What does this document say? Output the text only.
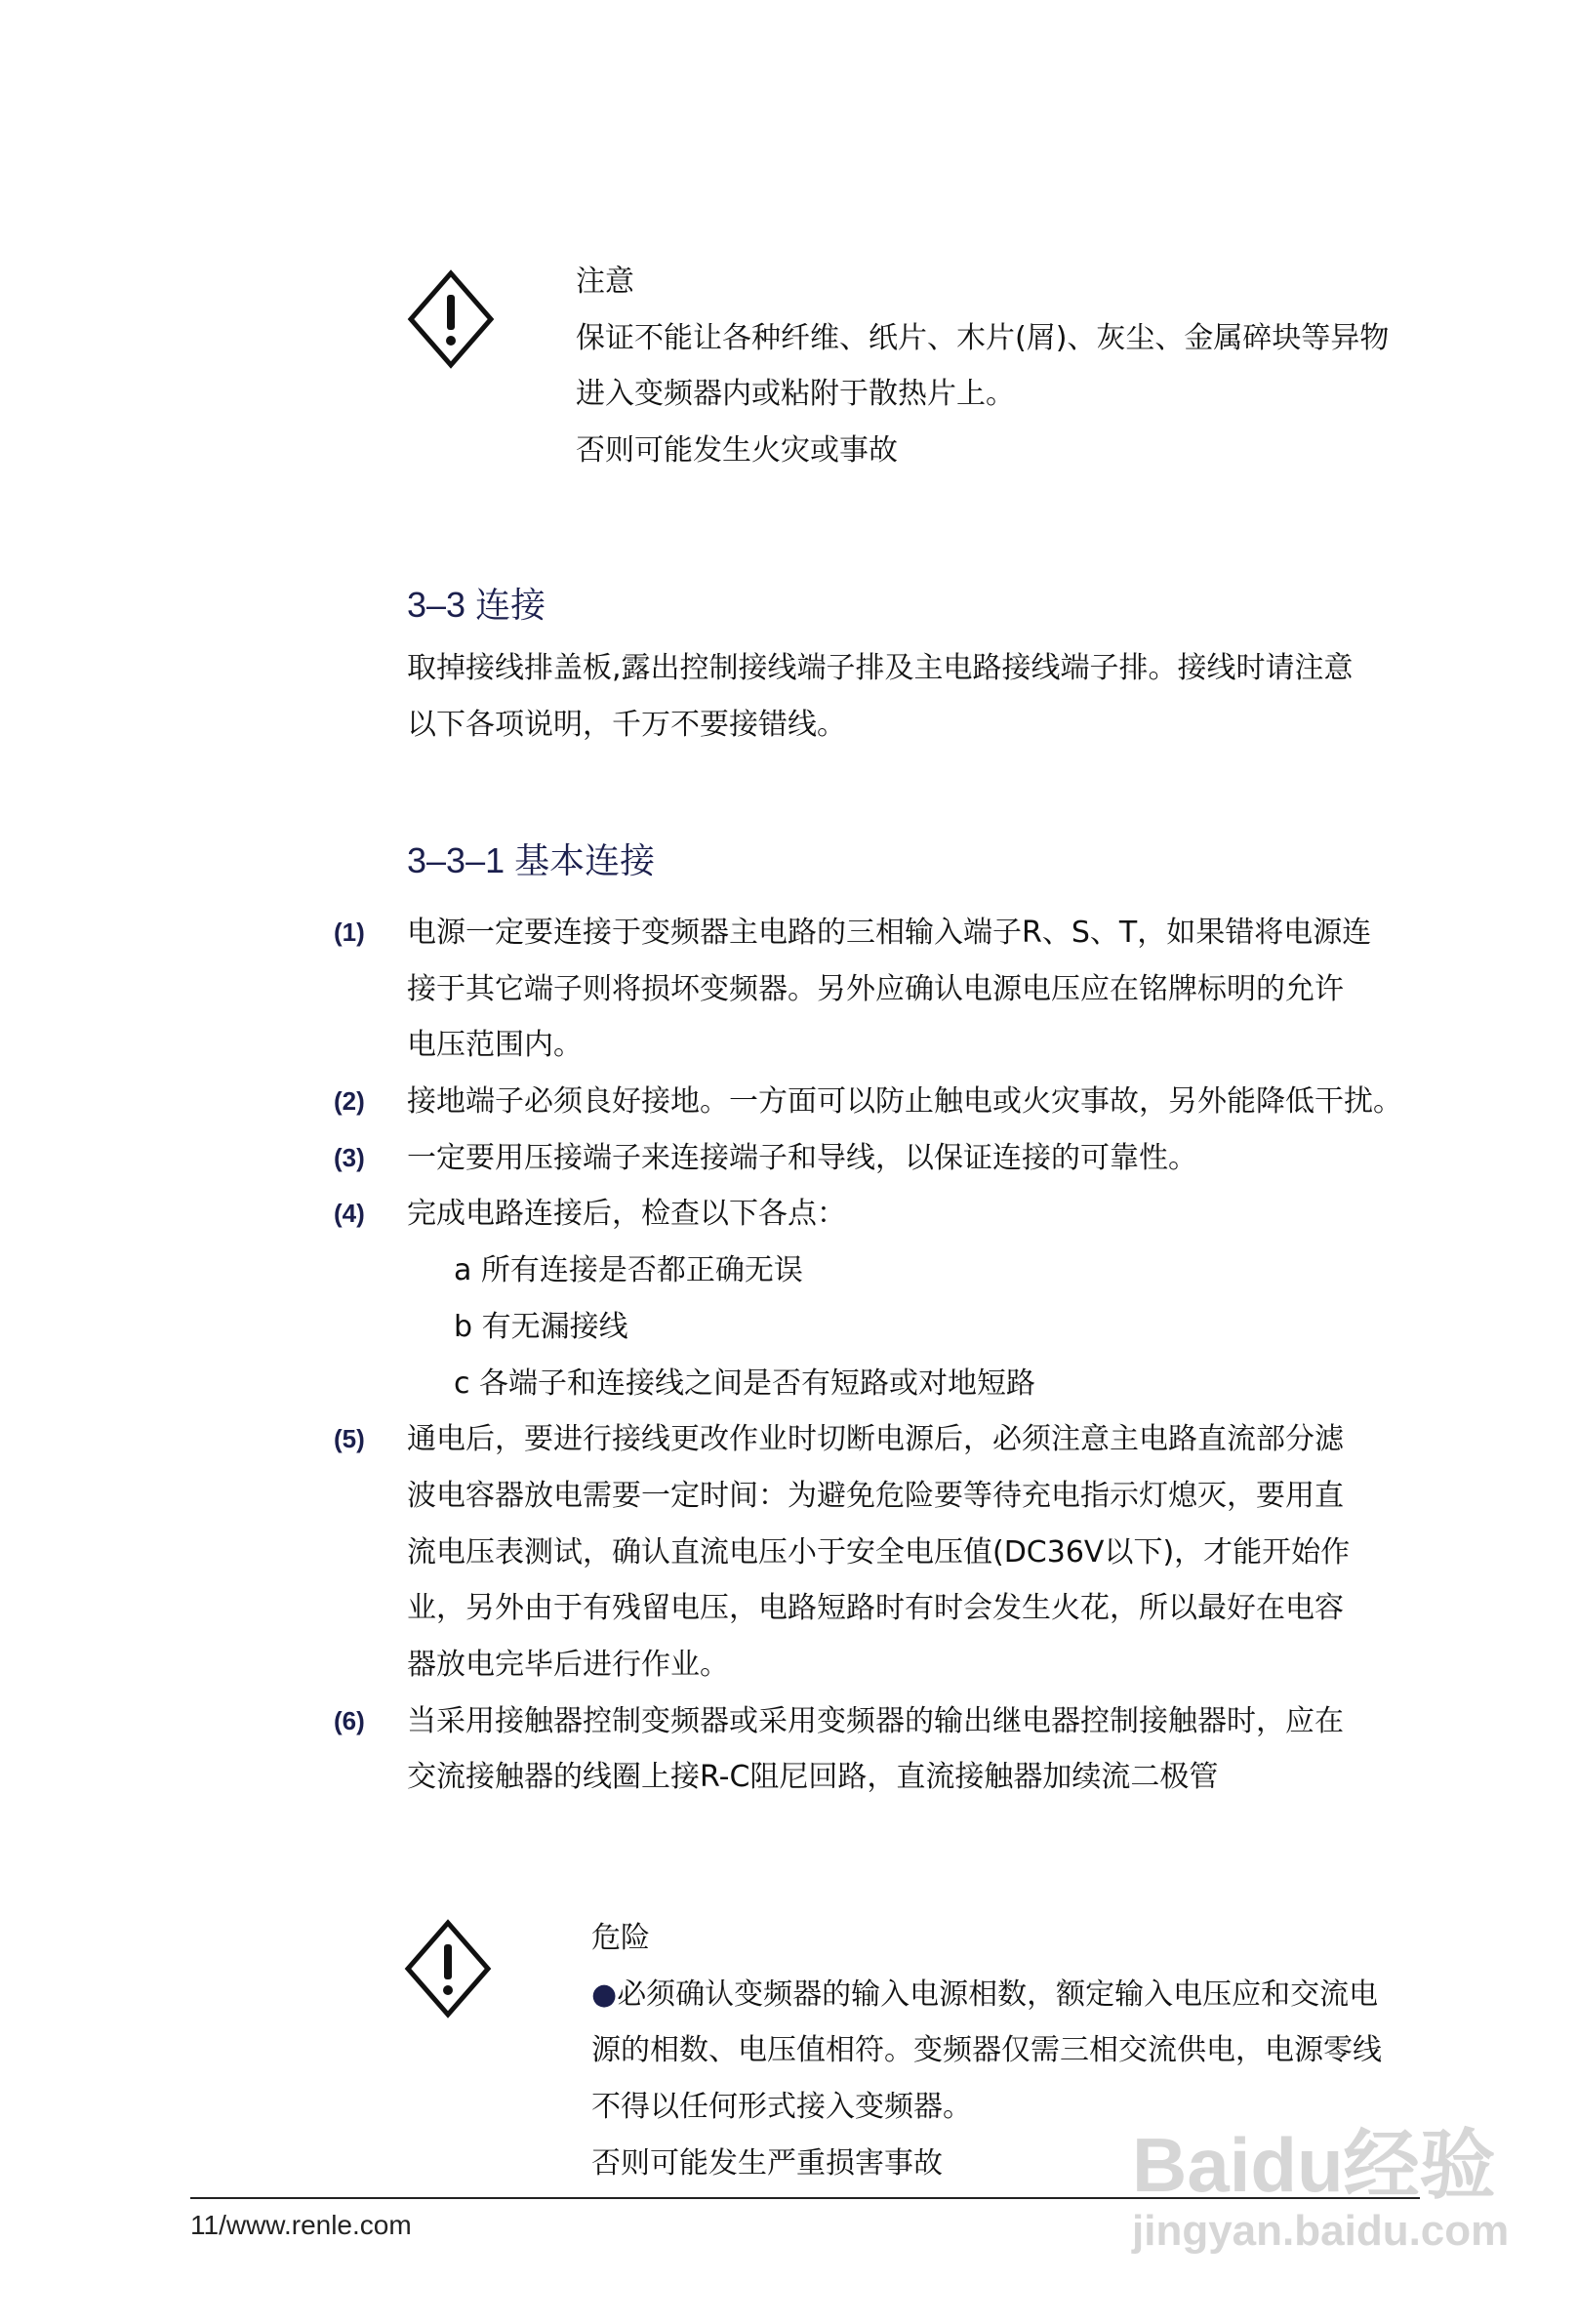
注意
保证不能让各种纤维、纸片、木片(屑)、灰尘、金属碎块等异物
进入变频器内或粘附于散热片上。
否则可能发生火灾或事故
3–3 连接
取掉接线排盖板,露出控制接线端子排及主电路接线端子排。接线时请注意
以下各项说明，千万不要接错线。
3–3–1 基本连接
(1) 电源一定要连接于变频器主电路的三相输入端子R、S、T，如果错将电源连
接于其它端子则将损坏变频器。另外应确认电源电压应在铭牌标明的允许
电压范围内。
(2) 接地端子必须良好接地。一方面可以防止触电或火灾事故，另外能降低干扰。
(3) 一定要用压接端子来连接端子和导线，以保证连接的可靠性。
(4) 完成电路连接后，检查以下各点：
a 所有连接是否都正确无误
b 有无漏接线
c 各端子和连接线之间是否有短路或对地短路
(5) 通电后，要进行接线更改作业时切断电源后，必须注意主电路直流部分滤
波电容器放电需要一定时间：为避免危险要等待充电指示灯熄灭，要用直
流电压表测试，确认直流电压小于安全电压值(DC36V以下)，才能开始作
业，另外由于有残留电压，电路短路时有时会发生火花，所以最好在电容
器放电完毕后进行作业。
(6) 当采用接触器控制变频器或采用变频器的输出继电器控制接触器时，应在
交流接触器的线圈上接R-C阻尼回路，直流接触器加续流二极管
危险
●必须确认变频器的输入电源相数，额定输入电压应和交流电
源的相数、电压值相符。变频器仅需三相交流供电，电源零线
不得以任何形式接入变频器。
否则可能发生严重损害事故
11/www.renle.com
Baidu经验
jingyan.baidu.com
